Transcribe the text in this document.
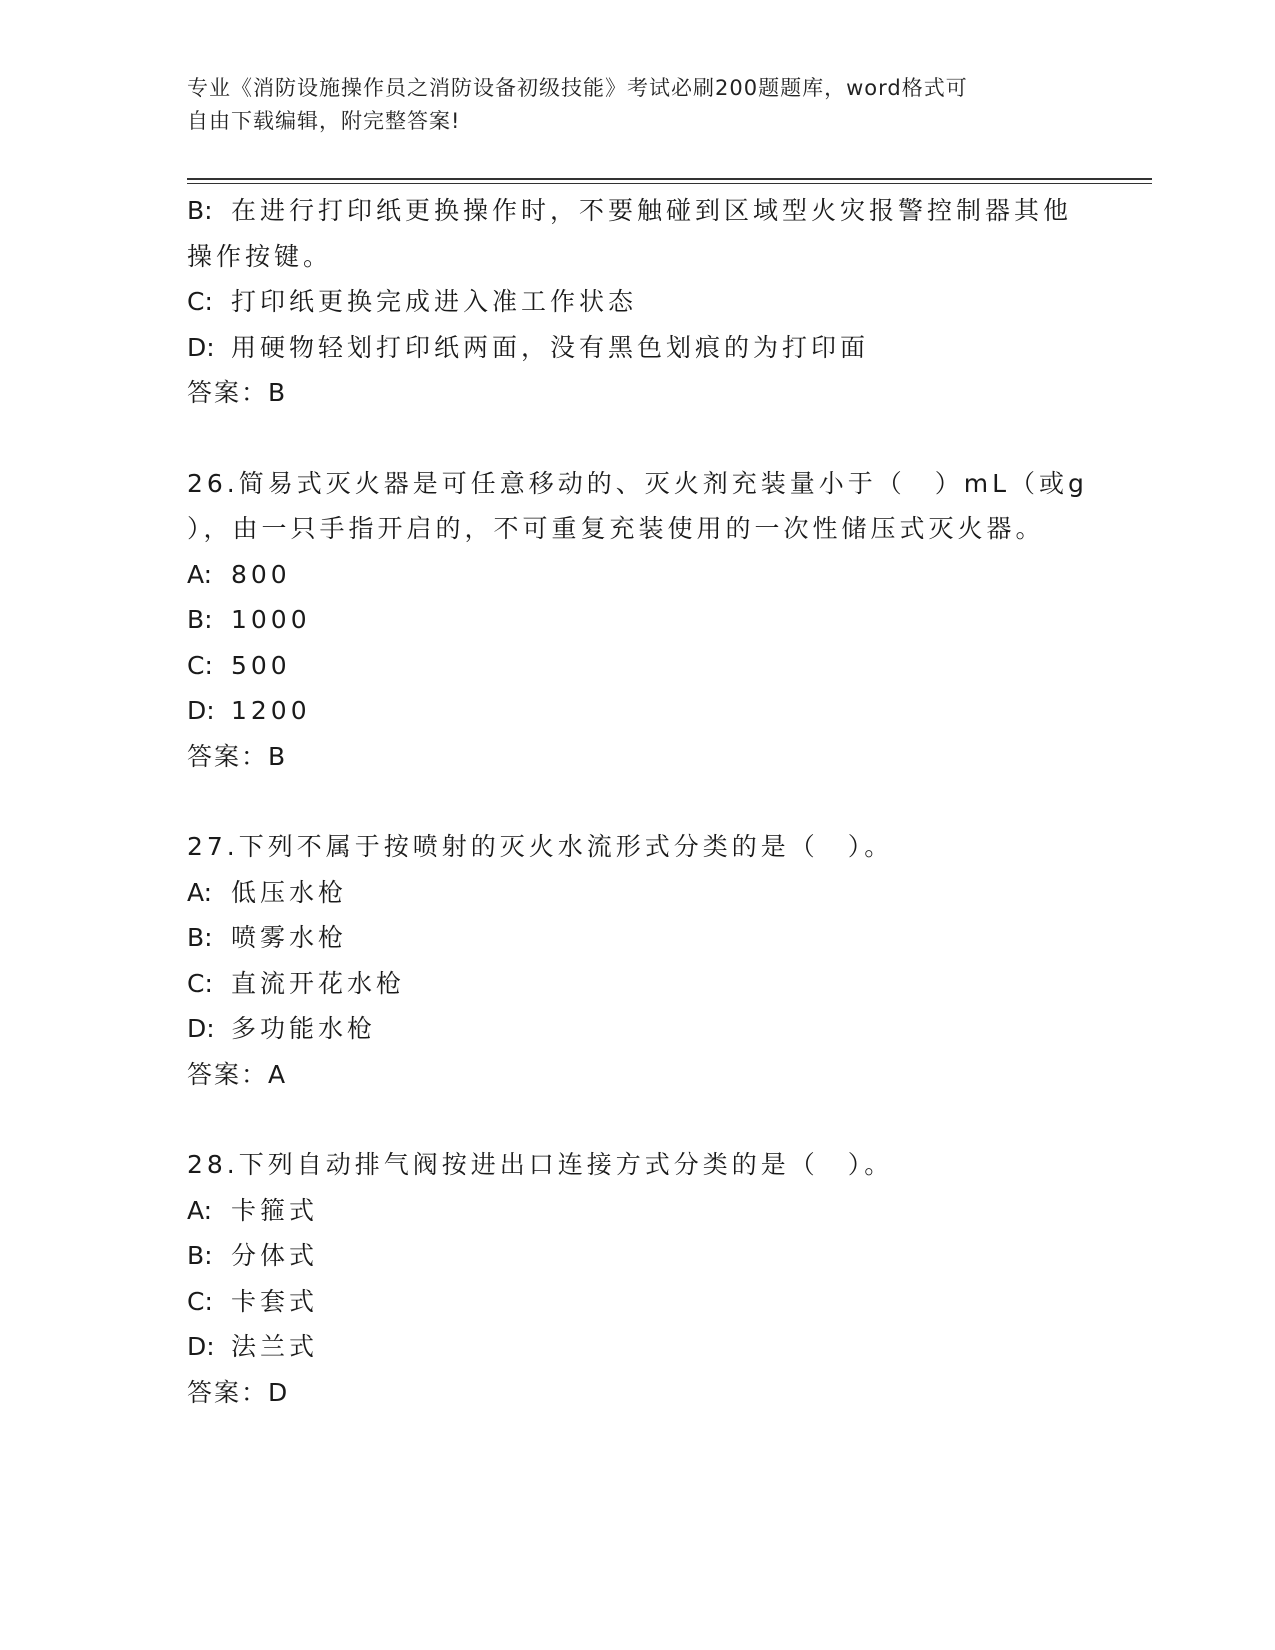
专业《消防设施操作员之消防设备初级技能》考试必刷200题题库，word格式可
自由下载编辑，附完整答案!
B: 在进行打印纸更换操作时，不要触碰到区域型火灾报警控制器其他
操作按键。
C: 打印纸更换完成进入准工作状态
D: 用硬物轻划打印纸两面，没有黑色划痕的为打印面
答案：B
26.简易式灭火器是可任意移动的、灭火剂充装量小于（　）mL（或g
），由一只手指开启的，不可重复充装使用的一次性储压式灭火器。
A: 800
B: 1000
C: 500
D: 1200
答案：B
27.下列不属于按喷射的灭火水流形式分类的是（　）。
A: 低压水枪
B: 喷雾水枪
C: 直流开花水枪
D: 多功能水枪
答案：A
28.下列自动排气阀按进出口连接方式分类的是（　）。
A: 卡箍式
B: 分体式
C: 卡套式
D: 法兰式
答案：D
